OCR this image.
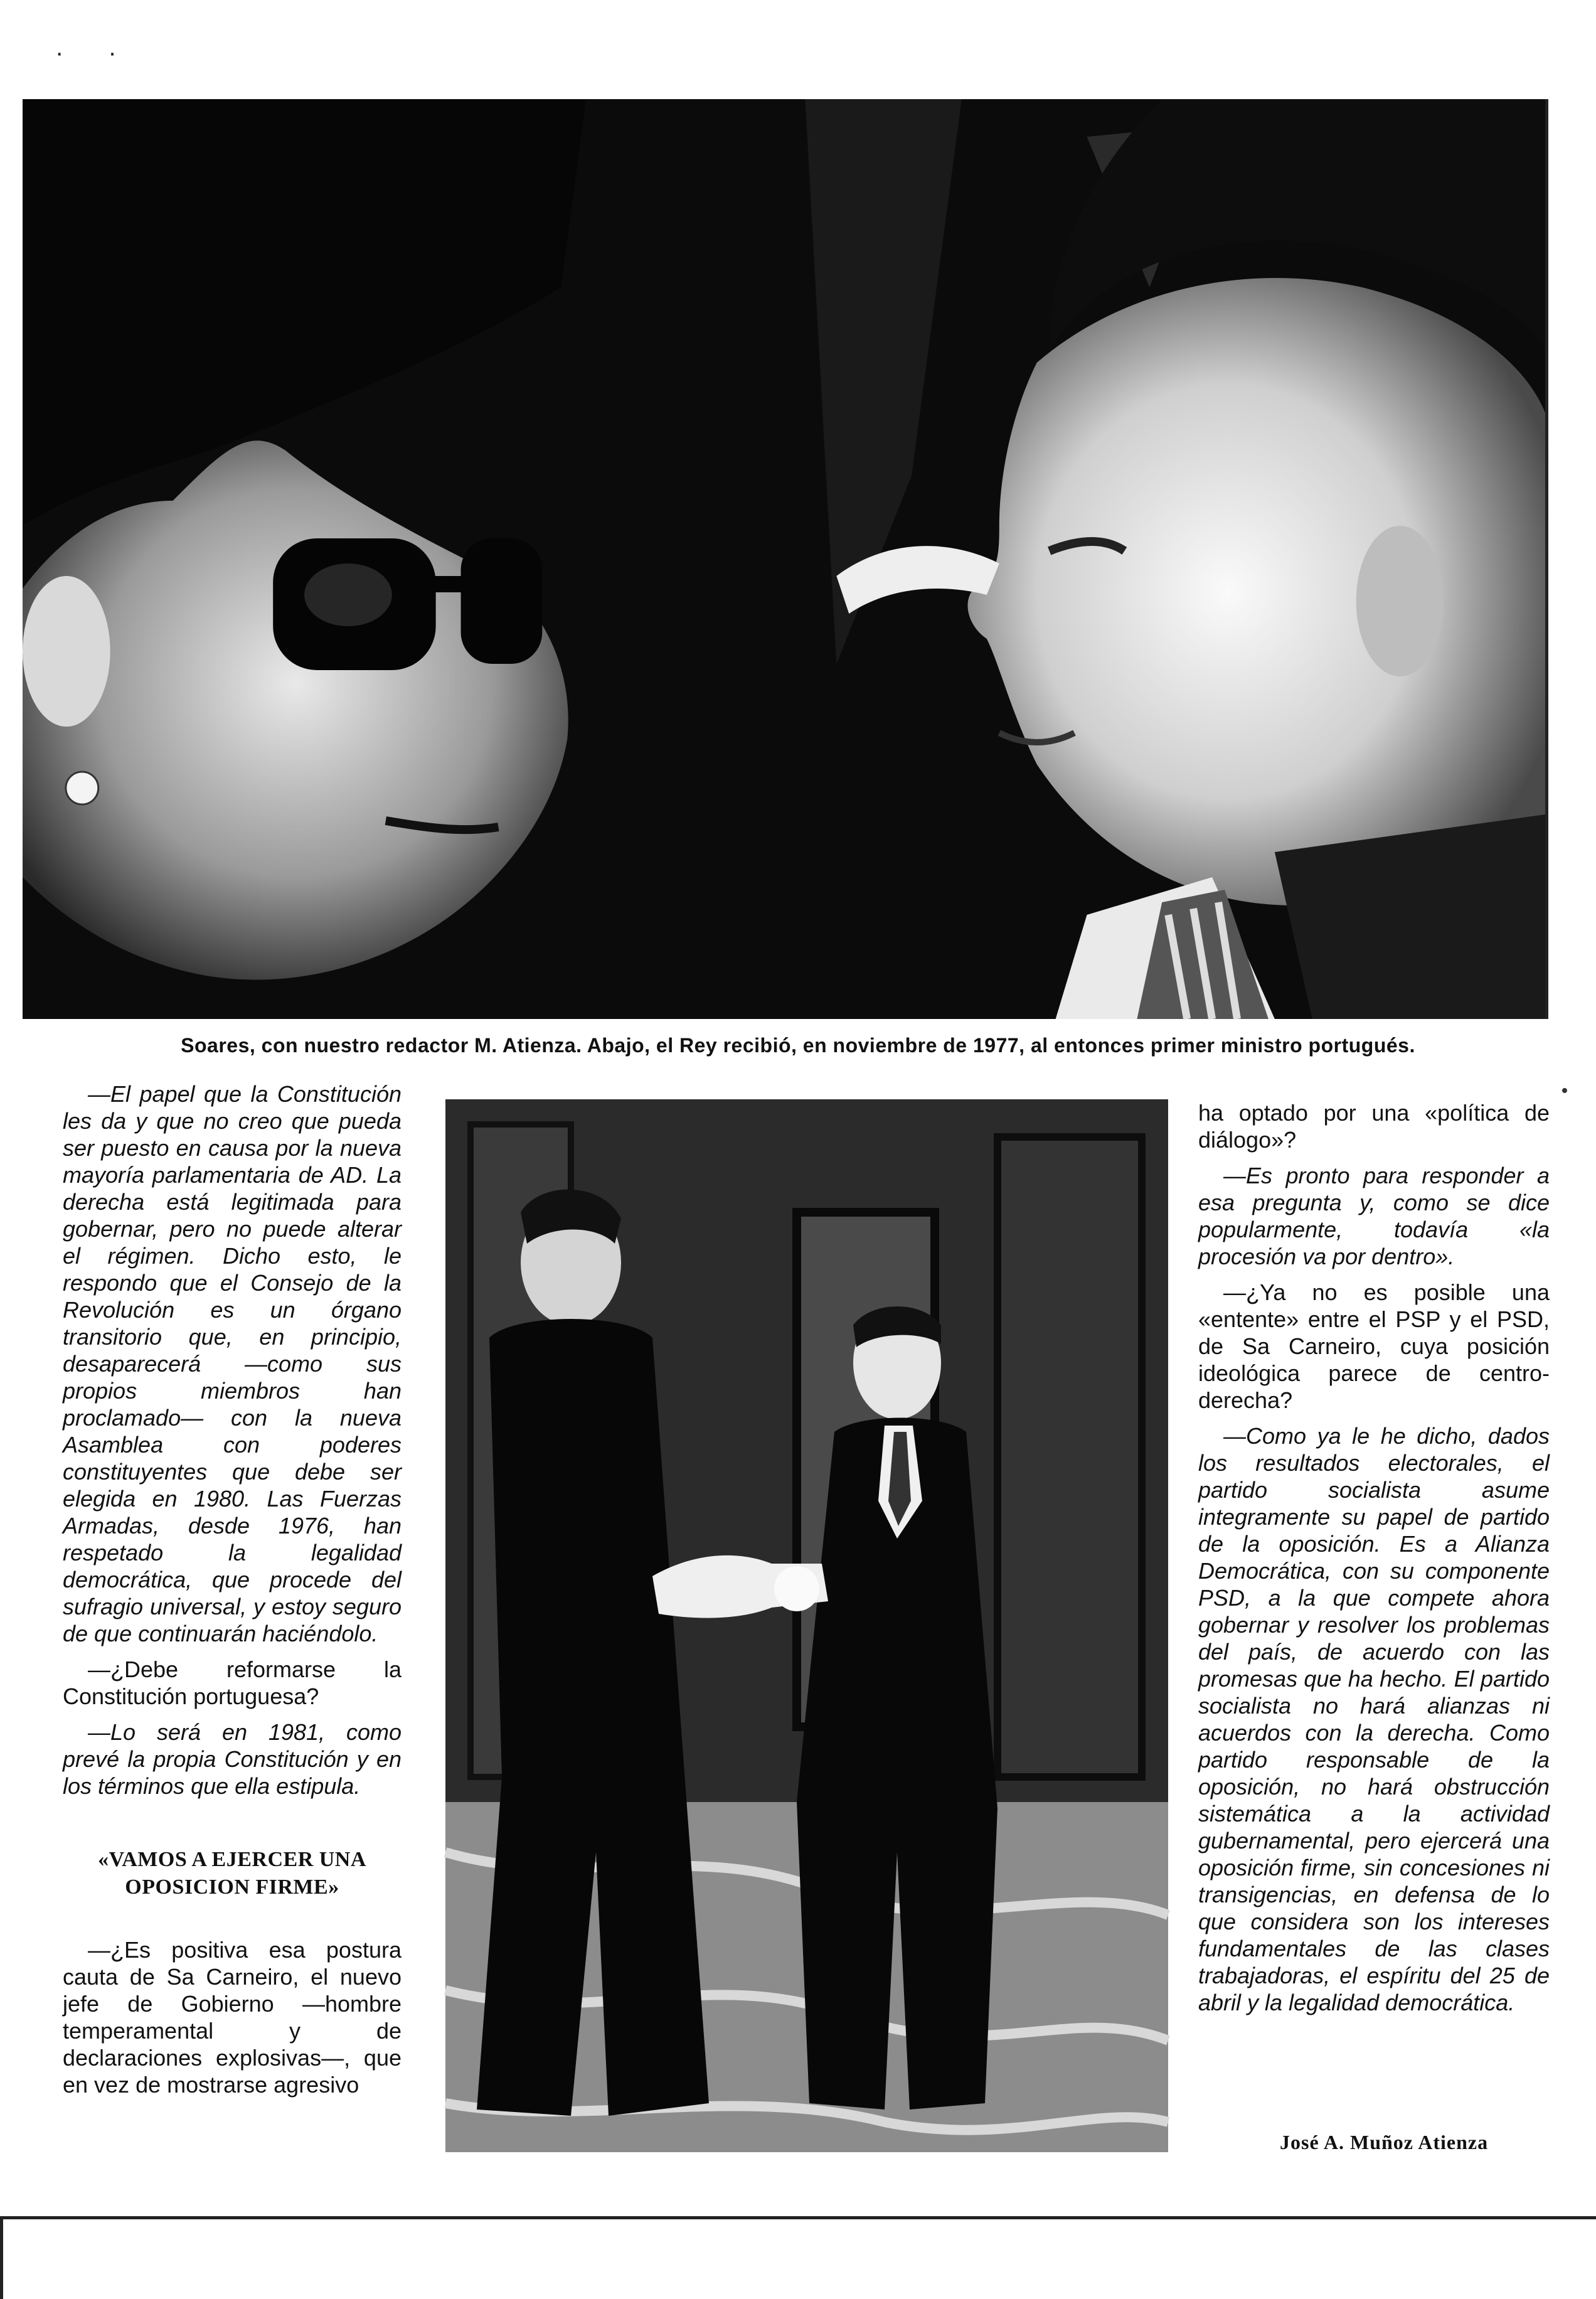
· ·
Soares, con nuestro redactor M. Atienza. Abajo, el Rey recibió, en noviembre de 1977, al entonces primer ministro portugués.

—El papel que la Constitución les da y que no creo que pueda ser puesto en causa por la nueva mayoría parlamentaria de AD. La derecha está legitimada para gobernar, pero no puede alterar el régimen. Dicho esto, le respondo que el Consejo de la Revolución es un órgano transitorio que, en principio, desaparecerá —como sus propios miembros han proclamado— con la nueva Asamblea con poderes constituyentes que debe ser elegida en 1980. Las Fuerzas Armadas, desde 1976, han respetado la legalidad democrática, que procede del sufragio universal, y estoy seguro de que continuarán haciéndolo.

—¿Debe reformarse la Constitución portuguesa?

—Lo será en 1981, como prevé la propia Constitución y en los términos que ella estipula.

«VAMOS A EJERCER UNA OPOSICION FIRME»

—¿Es positiva esa postura cauta de Sa Carneiro, el nuevo jefe de Gobierno —hombre temperamental y de declaraciones explosivas—, que en vez de mostrarse agresivo

ha optado por una «política de diálogo»?

—Es pronto para responder a esa pregunta y, como se dice popularmente, todavía «la procesión va por dentro».

—¿Ya no es posible una «entente» entre el PSP y el PSD, de Sa Carneiro, cuya posición ideológica parece de centro-derecha?

—Como ya le he dicho, dados los resultados electorales, el partido socialista asume integramente su papel de partido de la oposición. Es a Alianza Democrática, con su componente PSD, a la que compete ahora gobernar y resolver los problemas del país, de acuerdo con las promesas que ha hecho. El partido socialista no hará alianzas ni acuerdos con la derecha. Como partido responsable de la oposición, no hará obstrucción sistemática a la actividad gubernamental, pero ejercerá una oposición firme, sin concesiones ni transigencias, en defensa de lo que considera son los intereses fundamentales de las clases trabajadoras, el espíritu del 25 de abril y la legalidad democrática.

José A. Muñoz Atienza
